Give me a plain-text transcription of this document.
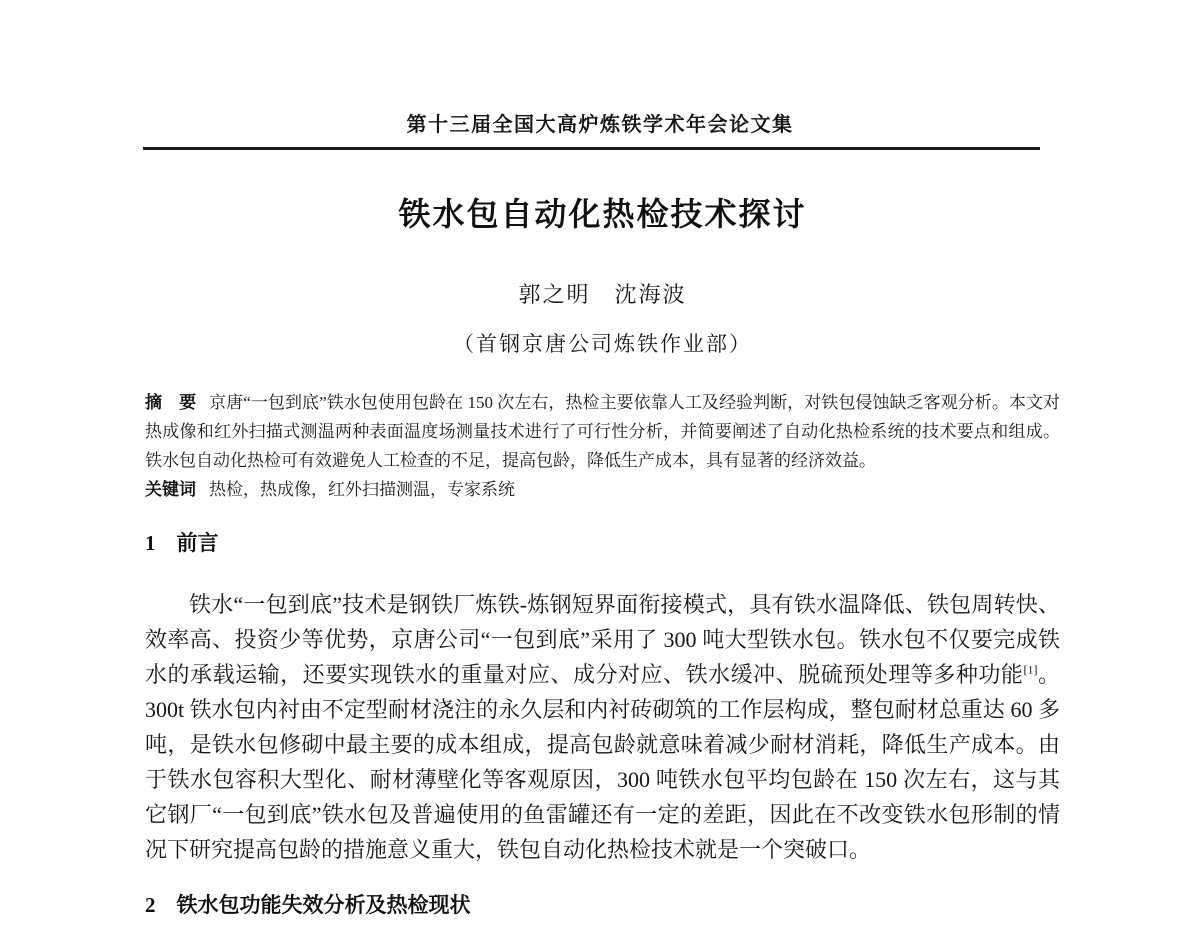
第十三届全国大高炉炼铁学术年会论文集
铁水包自动化热检技术探讨
郭之明　沈海波
（首钢京唐公司炼铁作业部）

摘　要 京唐“一包到底”铁水包使用包龄在 150 次左右，热检主要依靠人工及经验判断，对铁包侵蚀缺乏客观分析。本文对热成像和红外扫描式测温两种表面温度场测量技术进行了可行性分析，并简要阐述了自动化热检系统的技术要点和组成。铁水包自动化热检可有效避免人工检查的不足，提高包龄，降低生产成本，具有显著的经济效益。

关键词 热检，热成像，红外扫描测温，专家系统

1　前言

铁水“一包到底”技术是钢铁厂炼铁-炼钢短界面衔接模式，具有铁水温降低、铁包周转快、效率高、投资少等优势，京唐公司“一包到底”采用了 300 吨大型铁水包。铁水包不仅要完成铁水的承载运输，还要实现铁水的重量对应、成分对应、铁水缓冲、脱硫预处理等多种功能[1]。300t 铁水包内衬由不定型耐材浇注的永久层和内衬砖砌筑的工作层构成，整包耐材总重达 60 多吨，是铁水包修砌中最主要的成本组成，提高包龄就意味着减少耐材消耗，降低生产成本。由于铁水包容积大型化、耐材薄壁化等客观原因，300 吨铁水包平均包龄在 150 次左右，这与其它钢厂“一包到底”铁水包及普遍使用的鱼雷罐还有一定的差距，因此在不改变铁水包形制的情况下研究提高包龄的措施意义重大，铁包自动化热检技术就是一个突破口。

2　铁水包功能失效分析及热检现状
